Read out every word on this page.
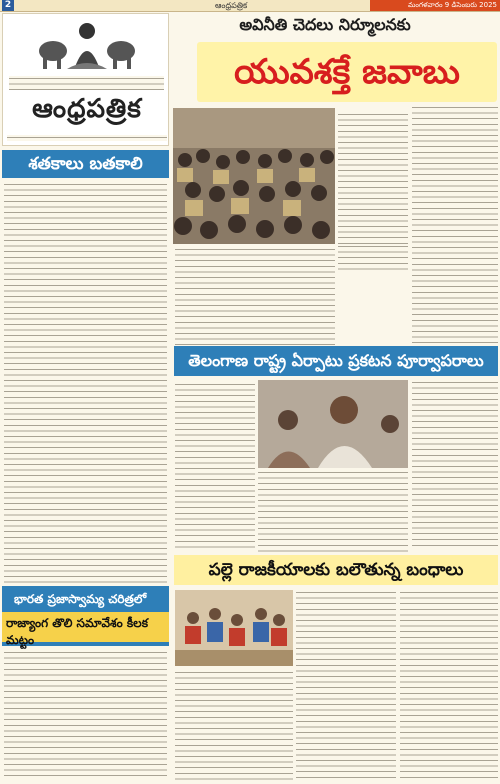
2	ఆంధ్రపత్రిక	మంగళవారం 9 డిసెంబరు 2025
ఆంధ్రపత్రిక
శతకాలు బతకాలి
భారత ప్రజాస్వామ్య చరిత్రలో
రాజ్యాంగ తొలి సమావేశం కీలక మట్టం
అవినీతి చెదలు నిర్మూలనకు
యువశక్తే జవాబు
తెలంగాణ రాష్ట్ర ఏర్పాటు ప్రకటన పూర్వాపరాలు
పల్లె రాజకీయాలకు బలౌతున్న బంధాలు
